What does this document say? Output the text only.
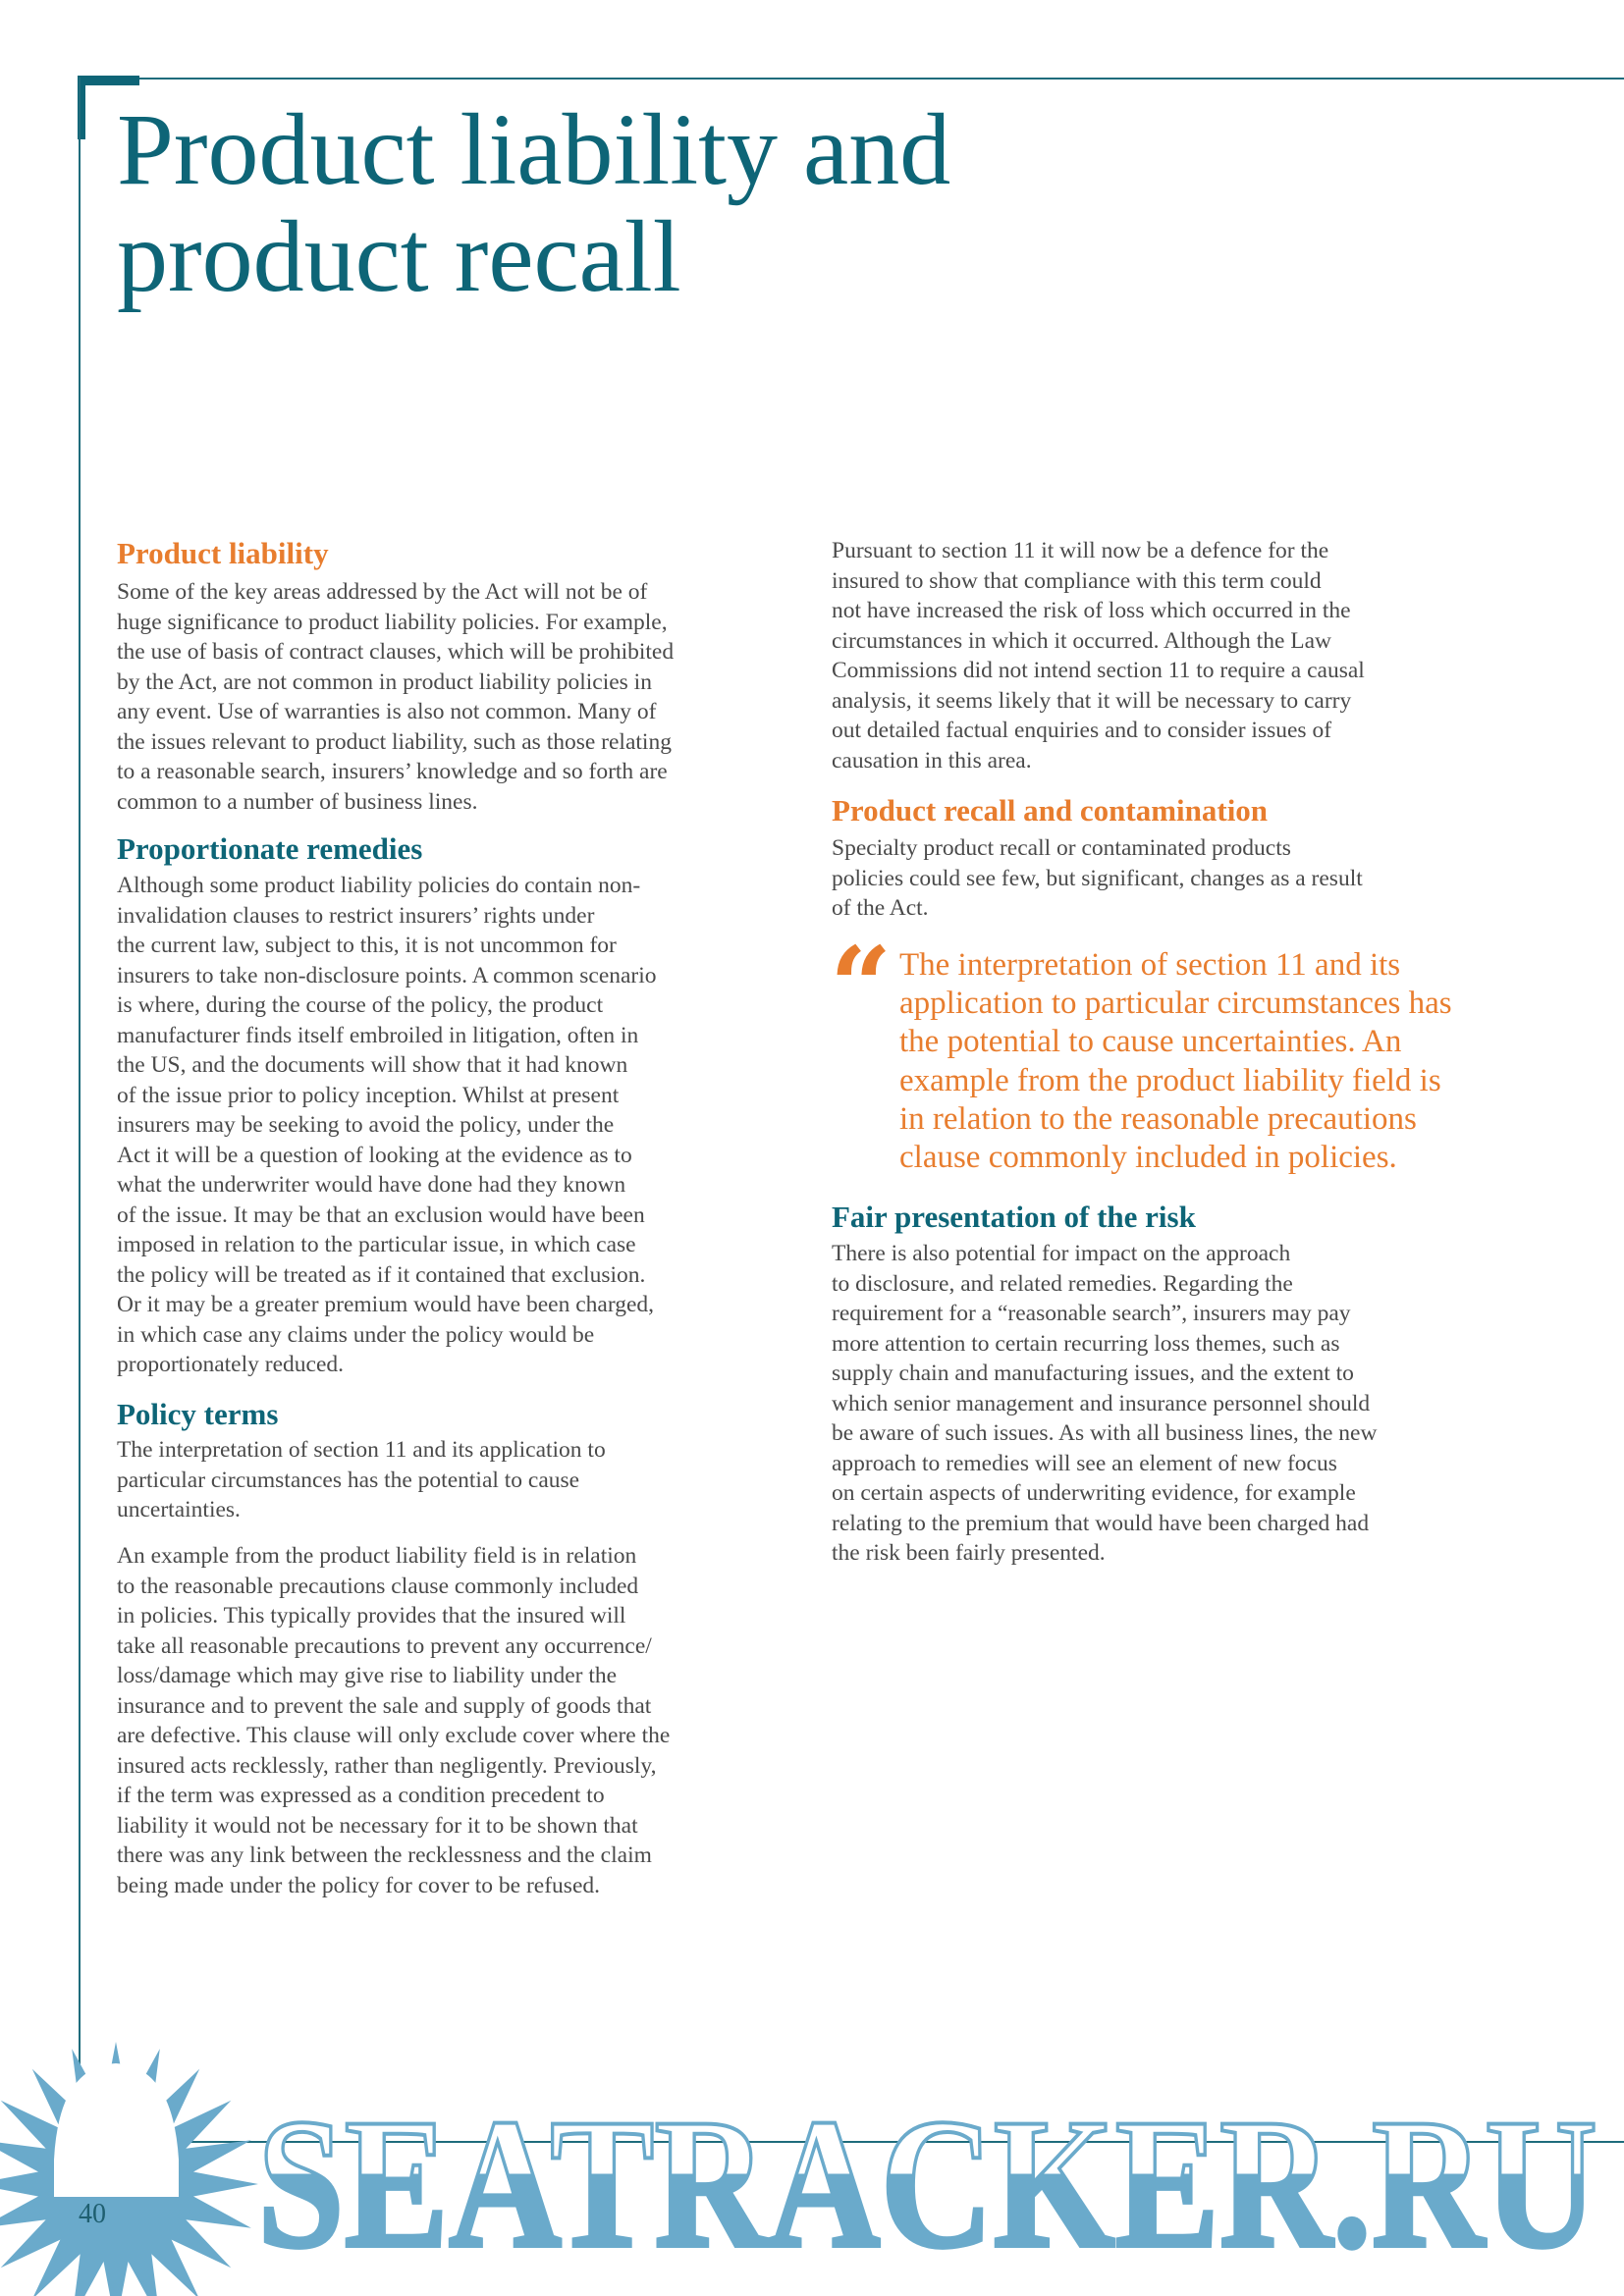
Product liability and
product recall
Product liability
Some of the key areas addressed by the Act will not be of
huge significance to product liability policies. For example,
the use of basis of contract clauses, which will be prohibited
by the Act, are not common in product liability policies in
any event. Use of warranties is also not common. Many of
the issues relevant to product liability, such as those relating
to a reasonable search, insurers’ knowledge and so forth are
common to a number of business lines.
Proportionate remedies
Although some product liability policies do contain non-
invalidation clauses to restrict insurers’ rights under
the current law, subject to this, it is not uncommon for
insurers to take non-disclosure points. A common scenario
is where, during the course of the policy, the product
manufacturer finds itself embroiled in litigation, often in
the US, and the documents will show that it had known
of the issue prior to policy inception. Whilst at present
insurers may be seeking to avoid the policy, under the
Act it will be a question of looking at the evidence as to
what the underwriter would have done had they known
of the issue. It may be that an exclusion would have been
imposed in relation to the particular issue, in which case
the policy will be treated as if it contained that exclusion.
Or it may be a greater premium would have been charged,
in which case any claims under the policy would be
proportionately reduced.
Policy terms
The interpretation of section 11 and its application to
particular circumstances has the potential to cause
uncertainties.
An example from the product liability field is in relation
to the reasonable precautions clause commonly included
in policies. This typically provides that the insured will
take all reasonable precautions to prevent any occurrence/
loss/damage which may give rise to liability under the
insurance and to prevent the sale and supply of goods that
are defective. This clause will only exclude cover where the
insured acts recklessly, rather than negligently. Previously,
if the term was expressed as a condition precedent to
liability it would not be necessary for it to be shown that
there was any link between the recklessness and the claim
being made under the policy for cover to be refused.
Pursuant to section 11 it will now be a defence for the
insured to show that compliance with this term could
not have increased the risk of loss which occurred in the
circumstances in which it occurred. Although the Law
Commissions did not intend section 11 to require a causal
analysis, it seems likely that it will be necessary to carry
out detailed factual enquiries and to consider issues of
causation in this area.
Product recall and contamination
Specialty product recall or contaminated products
policies could see few, but significant, changes as a result
of the Act.
“ The interpretation of section 11 and its
application to particular circumstances has
the potential to cause uncertainties. An
example from the product liability field is
in relation to the reasonable precautions
clause commonly included in policies.
Fair presentation of the risk
There is also potential for impact on the approach
to disclosure, and related remedies. Regarding the
requirement for a “reasonable search”, insurers may pay
more attention to certain recurring loss themes, such as
supply chain and manufacturing issues, and the extent to
which senior management and insurance personnel should
be aware of such issues. As with all business lines, the new
approach to remedies will see an element of new focus
on certain aspects of underwriting evidence, for example
relating to the premium that would have been charged had
the risk been fairly presented.
SEATRACKER.RU
40
